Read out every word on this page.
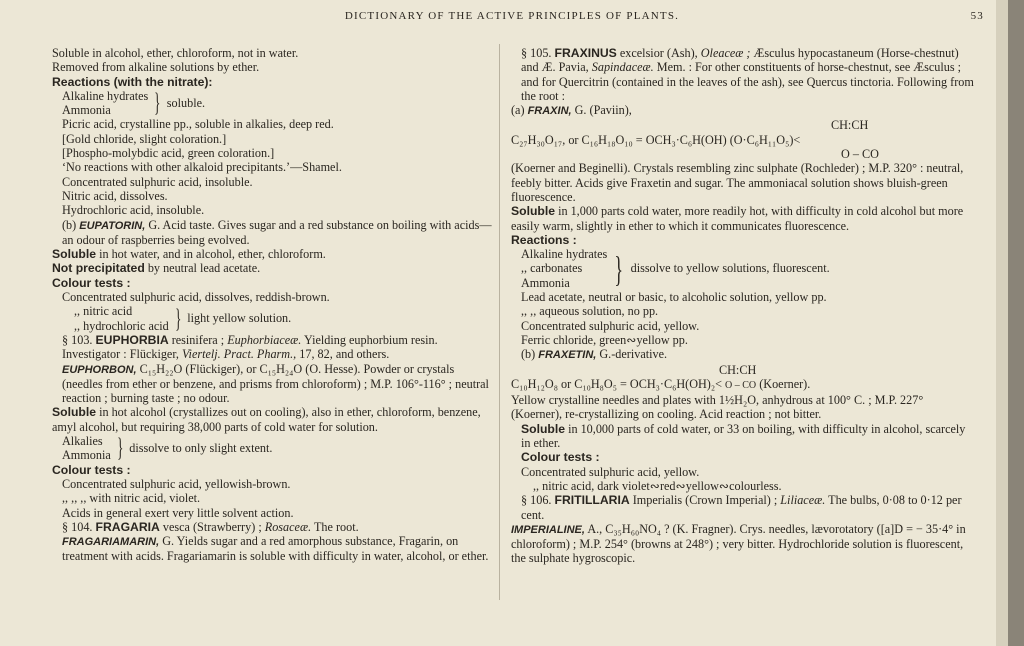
DICTIONARY OF THE ACTIVE PRINCIPLES OF PLANTS.	53

Soluble in alcohol, ether, chloroform, not in water.

Removed from alkaline solutions by ether.

Reactions (with the nitrate):

Alkaline hydrates
Ammonia	} soluble.

Picric acid, crystalline pp., soluble in alkalies, deep red.

[Gold chloride, slight coloration.]

[Phospho-molybdic acid, green coloration.]

‘No reactions with other alkaloid precipitants.’—Shamel.

Concentrated sulphuric acid, insoluble.

Nitric acid, dissolves.

Hydrochloric acid, insoluble.

(b) EUPATORIN, G. Acid taste. Gives sugar and a red substance on boiling with acids—an odour of raspberries being evolved.

Soluble in hot water, and in alcohol, ether, chloroform.

Not precipitated by neutral lead acetate.

Colour tests :

Concentrated sulphuric acid, dissolves, reddish-brown.

,, nitric acid
,, hydrochloric acid } light yellow solution.

§ 103. EUPHORBIA resinifera ; Euphorbiaceæ. Yielding euphorbium resin. Investigator : Flückiger, Viertelj. Pract. Pharm., 17, 82, and others.

EUPHORBON, C₁₅H₂₂O (Flückiger), or C₁₅H₂₄O (O. Hesse). Powder or crystals (needles from ether or benzene, and prisms from chloroform) ; M.P. 106°-116° ; neutral reaction ; burning taste ; no odour.

Soluble in hot alcohol (crystallizes out on cooling), also in ether, chloroform, benzene, amyl alcohol, but requiring 38,000 parts of cold water for solution.

Alkalies
Ammonia } dissolve to only slight extent.

Colour tests :

Concentrated sulphuric acid, yellowish-brown.

,, ,, ,, with nitric acid, violet.

Acids in general exert very little solvent action.

§ 104. FRAGARIA vesca (Strawberry) ; Rosaceæ. The root.

FRAGARIAMARIN, G. Yields sugar and a red amorphous substance, Fragarin, on treatment with acids. Fragariamarin is soluble with difficulty in water, alcohol, or ether.

§ 105. FRAXINUS excelsior (Ash), Oleaceæ ; Æsculus hypocastaneum (Horse-chestnut) and Æ. Pavia, Sapindaceæ. Mem. : For other constituents of horse-chestnut, see Æsculus ; and for Quercitrin (contained in the leaves of the ash), see Quercus tinctoria. Following from the root :

(a) FRAXIN, G. (Paviin),

CH:CH

C₂₇H₃₀O₁₇, or C₁₆H₁₈O₁₀ = OCH₃·C₆H(OH) (O·C₆H₁₁O₅)<

O – CO

(Koerner and Beginelli). Crystals resembling zinc sulphate (Rochleder) ; M.P. 320° : neutral, feebly bitter. Acids give Fraxetin and sugar. The ammoniacal solution shows bluish-green fluorescence.

Soluble in 1,000 parts cold water, more readily hot, with difficulty in cold alcohol but more easily warm, slightly in ether to which it communicates fluorescence.

Reactions :

Alkaline hydrates
,, carbonates
Ammonia	} dissolve to yellow solutions, fluorescent.

Lead acetate, neutral or basic, to alcoholic solution, yellow pp.

,, ,, aqueous solution, no pp.

Concentrated sulphuric acid, yellow.

Ferric chloride, green∾yellow pp.

(b) FRAXETIN, G.-derivative.

CH:CH

C₁₀H₁₂O₈ or C₁₀H₈O₅ = OCH₃·C₆H(OH)₂< O – CO (Koerner).

Yellow crystalline needles and plates with 1½H₂O, anhydrous at 100° C. ; M.P. 227° (Koerner), re-crystallizing on cooling. Acid reaction ; not bitter.

Soluble in 10,000 parts of cold water, or 33 on boiling, with difficulty in alcohol, scarcely in ether.

Colour tests :

Concentrated sulphuric acid, yellow.

,, nitric acid, dark violet∾red∾yellow∾colourless.

§ 106. FRITILLARIA Imperialis (Crown Imperial) ; Liliaceæ. The bulbs, 0·08 to 0·12 per cent.

IMPERIALINE, A., C₃₅H₆₀NO₄ ? (K. Fragner). Crys. needles, lævorotatory ([a]D = − 35·4° in chloroform) ; M.P. 254° (browns at 248°) ; very bitter. Hydrochloride solution is fluorescent, the sulphate hygroscopic.
